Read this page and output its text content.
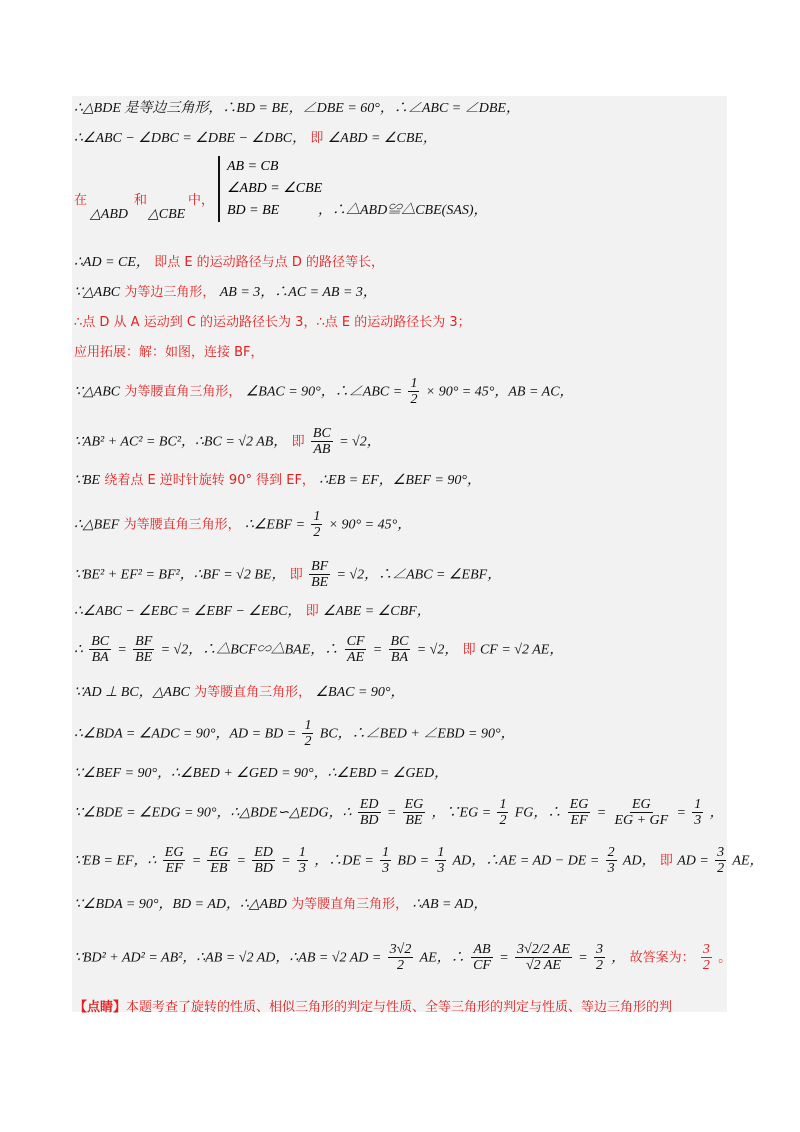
∴△BDE 是等边三角形，∴BD = BE，∠DBE = 60°，∴∠ABC = ∠DBE，
∴∠ABC − ∠DBC = ∠DBE − ∠DBC， 即 ∠ABD = ∠CBE，
在
△ABD
和
△CBE
中，
AB = CB
∠ABD = ∠CBE
BD = BE	，∴△ABD≌△CBE(SAS)，
∴AD = CE， 即点 E 的运动路径与点 D 的路径等长，
∵△ABC 为等边三角形， AB = 3，∴AC = AB = 3，
∴点 D 从 A 运动到 C 的运动路径长为 3，∴点 E 的运动路径长为 3；
应用拓展：解：如图，连接 BF，
∵△ABC 为等腰直角三角形， ∠BAC = 90°，∴∠ABC = $\frac{1}{2} \times 90^\circ = 45^\circ$，AB = AC，
∵AB² + AC² = BC²，∴BC = √2 AB， 即 $\frac{BC}{AB} = √2$，
∵BE 绕着点 E 逆时针旋转 90° 得到 EF， ∴EB = EF，∠BEF = 90°，
∴△BEF 为等腰直角三角形， ∴∠EBF = $\frac{1}{2} \times 90^\circ = 45^\circ$，
∵BE² + EF² = BF²，∴BF = √2 BE， 即 $\frac{BF}{BE} = √2$，∴∠ABC = ∠EBF，
∴∠ABC − ∠EBC = ∠EBF − ∠EBC， 即 ∠ABE = ∠CBF，
∴ $\frac{BC}{BA} = \frac{BF}{BE} = √2$，∴△BCF∽△BAE，∴ $\frac{CF}{AE} = \frac{BC}{BA} = √2$， 即 CF = √2 AE，
∵AD ⊥ BC，△ABC 为等腰直角三角形， ∠BAC = 90°，
∴∠BDA = ∠ADC = 90°，AD = BD = $\frac{1}{2}$ BC，∴∠BED + ∠EBD = 90°，
∵∠BEF = 90°，∴∠BED + ∠GED = 90°，∴∠EBD = ∠GED，
∵∠BDE = ∠EDG = 90°，∴△BDE∽△EDG，∴ $\frac{ED}{BD} = \frac{EG}{BE}$ ，∵EG = $\frac{1}{2}$ FG，∴ $\frac{EG}{EF} = \frac{EG}{EG + GF} = \frac{1}{3}$ ，
∵EB = EF，∴ $\frac{EG}{EF} = \frac{EG}{EB} = \frac{ED}{BD} = \frac{1}{3}$ ，∴DE = $\frac{1}{3}$ BD = $\frac{1}{3}$ AD，∴AE = AD − DE = $\frac{2}{3}$ AD， 即 AD = $\frac{3}{2}$ AE，
∵∠BDA = 90°，BD = AD，∴△ABD 为等腰直角三角形， ∴AB = AD，
∵BD² + AD² = AB²，∴AB = √2 AD，∴AB = √2 AD = $\frac{3√2}{2}$ AE，∴ $\frac{AB}{CF} = \frac{3√2/2 AE}{√2 AE} = \frac{3}{2}$ ， 故答案为： $\frac{3}{2}$ 。
【点睛】本题考查了旋转的性质、相似三角形的判定与性质、全等三角形的判定与性质、等边三角形的判
